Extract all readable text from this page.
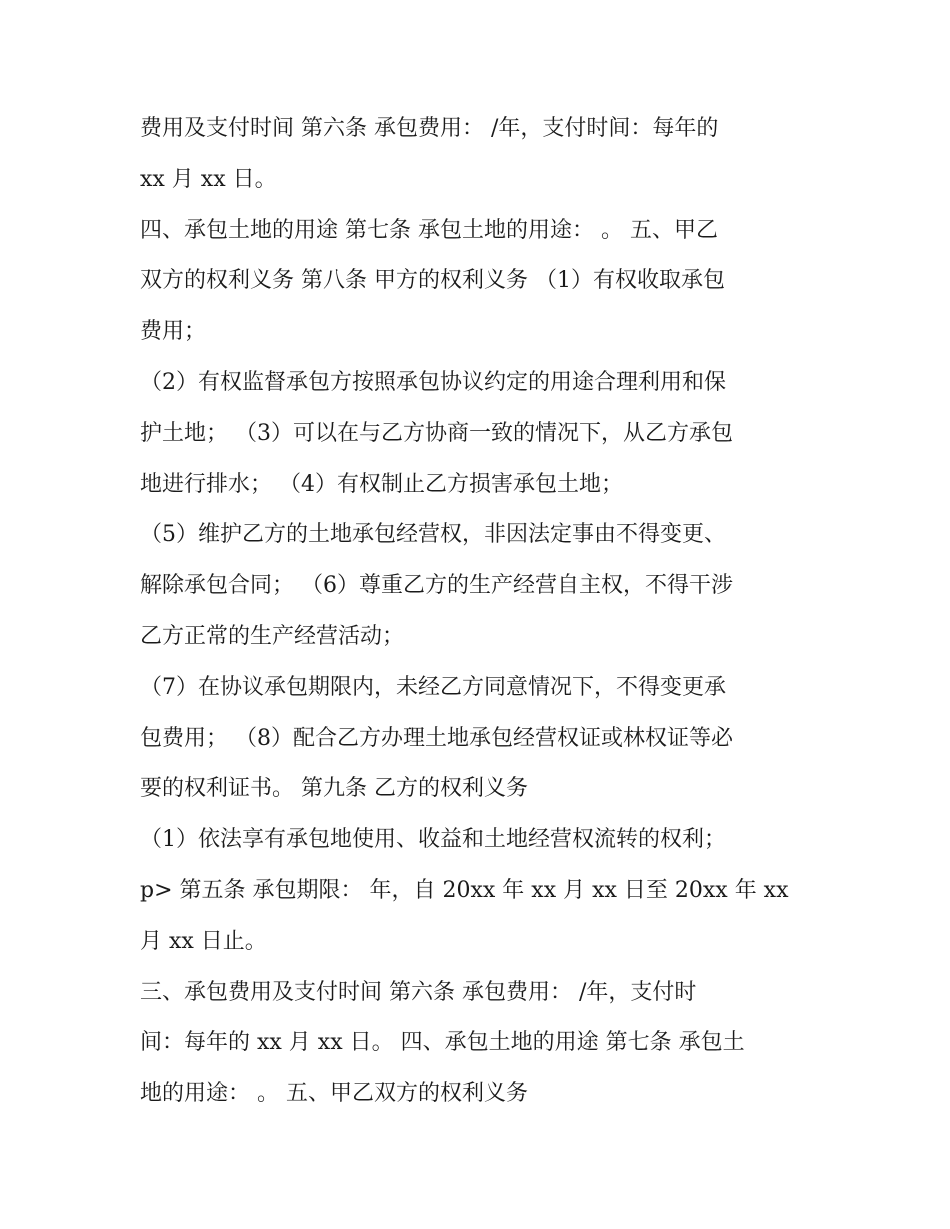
费用及支付时间 第六条 承包费用： /年，支付时间：每年的
xx 月 xx 日。
四、承包土地的用途 第七条 承包土地的用途： 。 五、甲乙
双方的权利义务 第八条 甲方的权利义务 （1）有权收取承包
费用；
（2）有权监督承包方按照承包协议约定的用途合理利用和保
护土地； （3）可以在与乙方协商一致的情况下，从乙方承包
地进行排水； （4）有权制止乙方损害承包土地；
（5）维护乙方的土地承包经营权，非因法定事由不得变更、
解除承包合同； （6）尊重乙方的生产经营自主权，不得干涉
乙方正常的生产经营活动；
（7）在协议承包期限内，未经乙方同意情况下，不得变更承
包费用； （8）配合乙方办理土地承包经营权证或林权证等必
要的权利证书。 第九条 乙方的权利义务
（1）依法享有承包地使用、收益和土地经营权流转的权利；
p> 第五条 承包期限： 年，自 20xx 年 xx 月 xx 日至 20xx 年 xx
月 xx 日止。
三、承包费用及支付时间 第六条 承包费用： /年，支付时
间：每年的 xx 月 xx 日。 四、承包土地的用途 第七条 承包土
地的用途： 。 五、甲乙双方的权利义务
